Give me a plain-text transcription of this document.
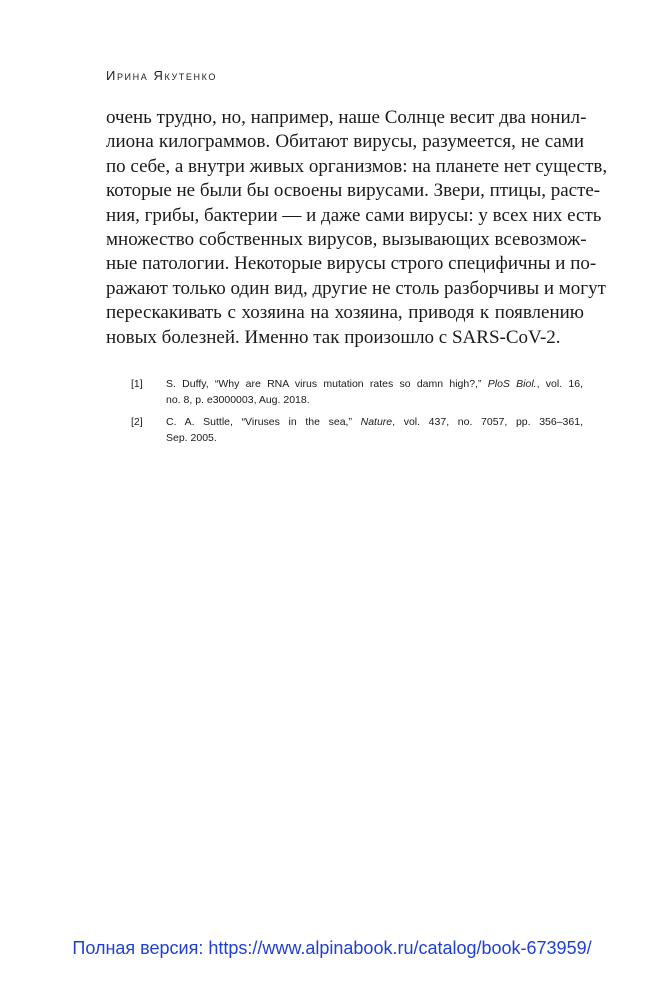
Ирина Якутенко
очень трудно, но, например, наше Солнце весит два нонил-
лиона килограммов. Обитают вирусы, разумеется, не сами
по себе, а внутри живых организмов: на планете нет существ,
которые не были бы освоены вирусами. Звери, птицы, расте-
ния, грибы, бактерии — и даже сами вирусы: у всех них есть
множество собственных вирусов, вызывающих всевозмож-
ные патологии. Некоторые вирусы строго специфичны и по-
ражают только один вид, другие не столь разборчивы и могут
перескакивать с хозяина на хозяина, приводя к появлению
новых болезней. Именно так произошло с SARS-CoV-2.
[1]	S. Duffy, “Why are RNA virus mutation rates so damn high?,” PloS Biol., vol. 16,
no. 8, p. e3000003, Aug. 2018.
[2]	C. A. Suttle, “Viruses in the sea,” Nature, vol. 437, no. 7057, pp. 356–361,
Sep. 2005.
Полная версия: https://www.alpinabook.ru/catalog/book-673959/
